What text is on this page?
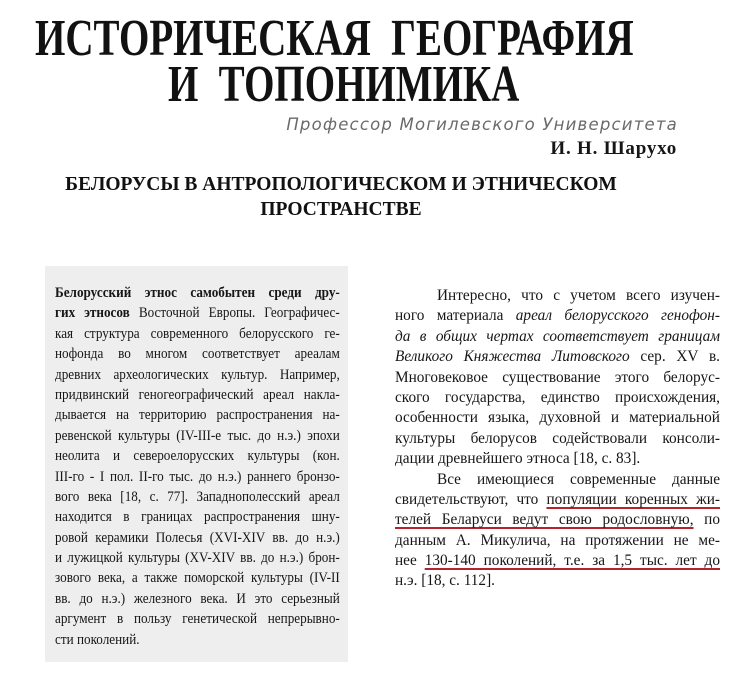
ИСТОРИЧЕСКАЯ ГЕОГРАФИЯ
И ТОПОНИМИКА
Профессор Могилевского Университета
И. Н. Шарухо
БЕЛОРУСЫ В АНТРОПОЛОГИЧЕСКОМ И ЭТНИЧЕСКОМ
ПРОСТРАНСТВЕ
Белорусский этнос самобытен среди дру-
гих этносов Восточной Европы. Географичес-
кая структура современного белорусского ге-
нофонда во многом соответствует ареалам
древних археологических культур. Например,
придвинский геногеографический ареал накла-
дывается на территорию распространения на-
ревенской культуры (IV-III-е тыс. до н.э.) эпохи
неолита и североелорусских культуры (кон.
III-го - I пол. II-го тыс. до н.э.) раннего бронзо-
вого века [18, с. 77]. Западнополесский ареал
находится в границах распространения шну-
ровой керамики Полесья (XVI-XIV вв. до н.э.)
и лужицкой культуры (XV-XIV вв. до н.э.) брон-
зового века, а также поморской культуры (IV-II
вв. до н.э.) железного века. И это серьезный
аргумент в пользу генетической непрерывно-
сти поколений.
Интересно, что с учетом всего изучен-
ного материала ареал белорусского генофон-
да в общих чертах соответствует границам
Великого Княжества Литовского сер. XV в.
Многовековое существование этого белорус-
ского государства, единство происхождения,
особенности языка, духовной и материальной
культуры белорусов содействовали консоли-
дации древнейшего этноса [18, с. 83].
Все имеющиеся современные данные
свидетельствуют, что популяции коренных жи-
телей Беларуси ведут свою родословную, по
данным А. Микулича, на протяжении не ме-
нее 130-140 поколений, т.е. за 1,5 тыс. лет до
н.э. [18, с. 112].
